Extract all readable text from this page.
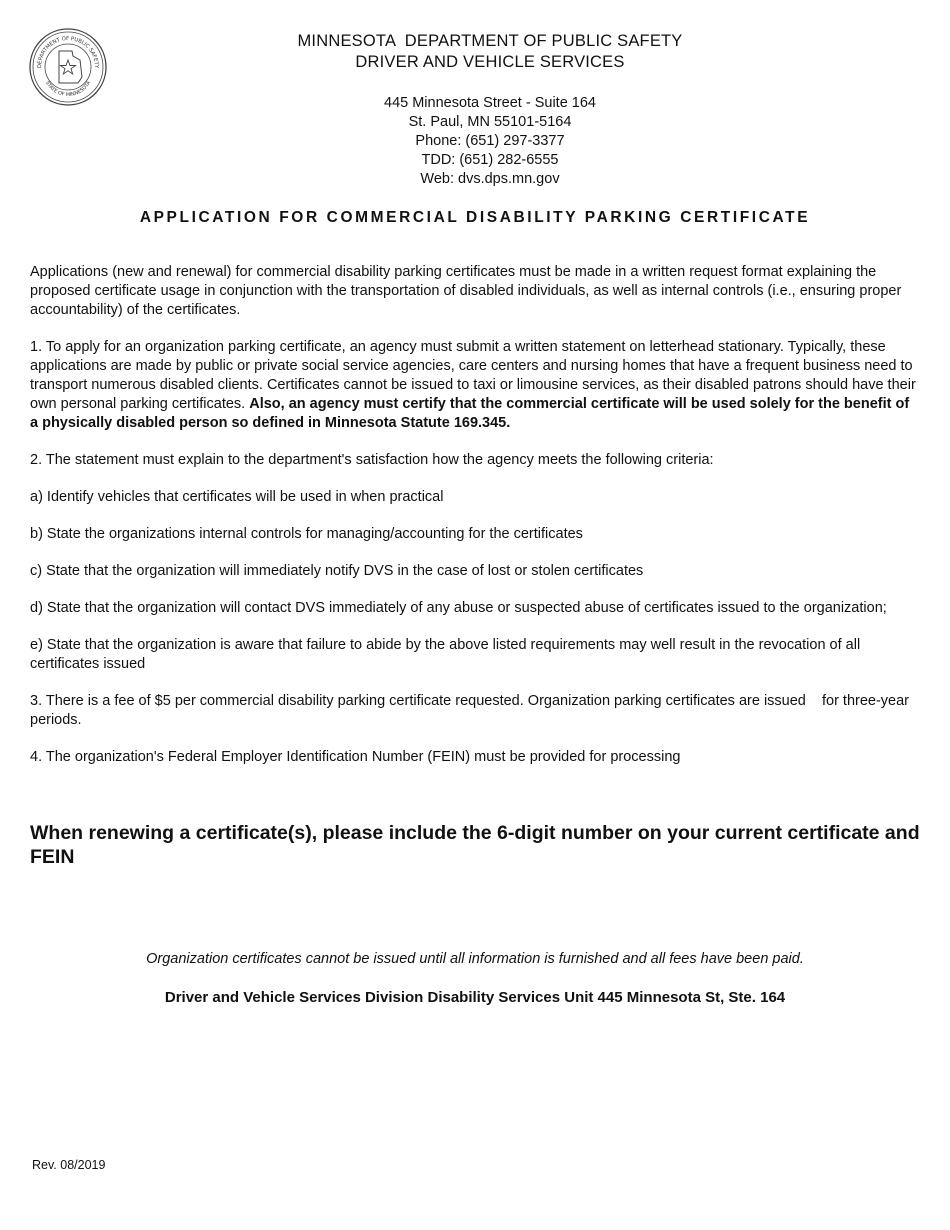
DEPARTMENT OF PUBLIC SAFETY
STATE OF MINNESOTA
MINNESOTA  DEPARTMENT OF PUBLIC SAFETY
DRIVER AND VEHICLE SERVICES
445 Minnesota Street - Suite 164
St. Paul, MN 55101-5164
Phone: (651) 297-3377
TDD: (651) 282-6555
Web: dvs.dps.mn.gov
APPLICATION FOR COMMERCIAL DISABILITY PARKING CERTIFICATE

Applications (new and renewal) for commercial disability parking certificates must be made in a written request format explaining the proposed certificate usage in conjunction with the transportation of disabled individuals, as well as internal controls (i.e., ensuring proper accountability) of the certificates.

1. To apply for an organization parking certificate, an agency must submit a written statement on letterhead stationary. Typically, these applications are made by public or private social service agencies, care centers and nursing homes that have a frequent business need to transport numerous disabled clients. Certificates cannot be issued to taxi or limousine services, as their disabled patrons should have their own personal parking certificates. Also, an agency must certify that the commercial certificate will be used solely for the benefit of a physically disabled person so defined in Minnesota Statute 169.345.

2. The statement must explain to the department's satisfaction how the agency meets the following criteria:

a) Identify vehicles that certificates will be used in when practical

b) State the organizations internal controls for managing/accounting for the certificates

c) State that the organization will immediately notify DVS in the case of lost or stolen certificates

d) State that the organization will contact DVS immediately of any abuse or suspected abuse of certificates issued to the organization;

e) State that the organization is aware that failure to abide by the above listed requirements may well result in the revocation of all certificates issued

3. There is a fee of $5 per commercial disability parking certificate requested. Organization parking certificates are issued    for three-year periods.

4. The organization's Federal Employer Identification Number (FEIN) must be provided for processing

When renewing a certificate(s), please include the 6-digit number on your current certificate and FEIN
Organization certificates cannot be issued until all information is furnished and all fees have been paid.
Driver and Vehicle Services Division Disability Services Unit 445 Minnesota St, Ste. 164
Rev. 08/2019
